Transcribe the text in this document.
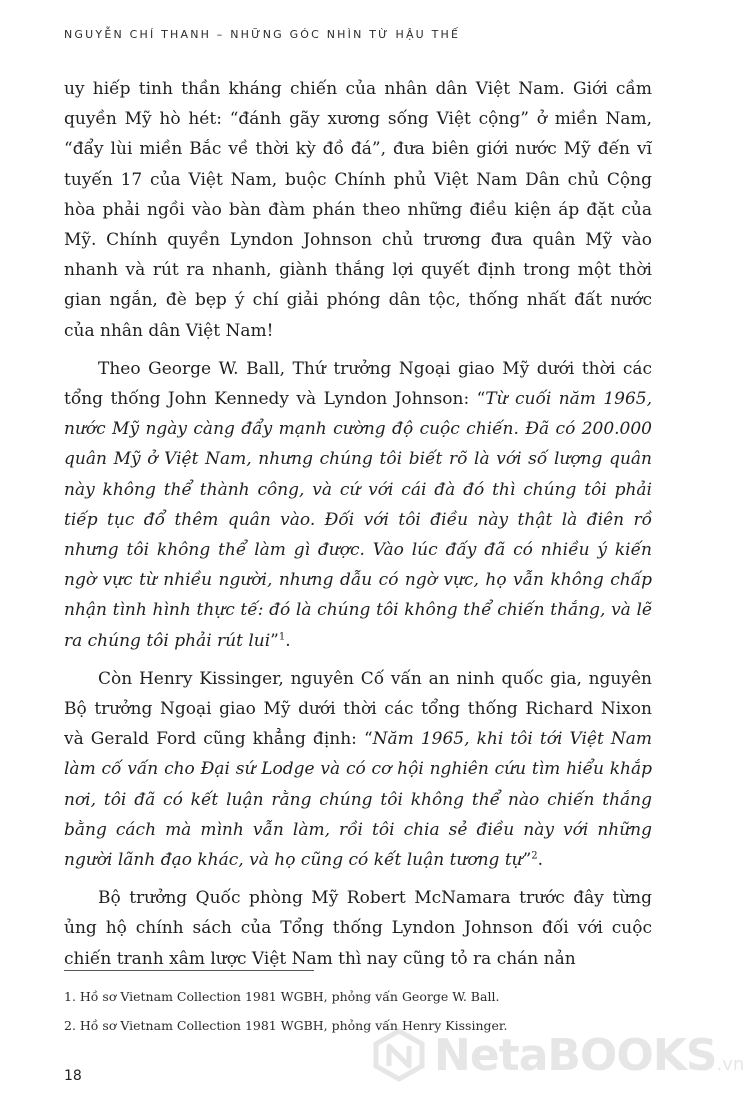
NGUYỄN CHÍ THANH – NHỮNG GÓC NHÌN TỪ HẬU THẾ

uy hiếp tinh thần kháng chiến của nhân dân Việt Nam. Giới cầm quyền Mỹ hò hét: “đánh gãy xương sống Việt cộng” ở miền Nam, “đẩy lùi miền Bắc về thời kỳ đồ đá”, đưa biên giới nước Mỹ đến vĩ tuyến 17 của Việt Nam, buộc Chính phủ Việt Nam Dân chủ Cộng hòa phải ngồi vào bàn đàm phán theo những điều kiện áp đặt của Mỹ. Chính quyền Lyndon Johnson chủ trương đưa quân Mỹ vào nhanh và rút ra nhanh, giành thắng lợi quyết định trong một thời gian ngắn, đè bẹp ý chí giải phóng dân tộc, thống nhất đất nước của nhân dân Việt Nam!

Theo George W. Ball, Thứ trưởng Ngoại giao Mỹ dưới thời các tổng thống John Kennedy và Lyndon Johnson: “Từ cuối năm 1965, nước Mỹ ngày càng đẩy mạnh cường độ cuộc chiến. Đã có 200.000 quân Mỹ ở Việt Nam, nhưng chúng tôi biết rõ là với số lượng quân này không thể thành công, và cứ với cái đà đó thì chúng tôi phải tiếp tục đổ thêm quân vào. Đối với tôi điều này thật là điên rồ nhưng tôi không thể làm gì được. Vào lúc đấy đã có nhiều ý kiến ngờ vực từ nhiều người, nhưng dẫu có ngờ vực, họ vẫn không chấp nhận tình hình thực tế: đó là chúng tôi không thể chiến thắng, và lẽ ra chúng tôi phải rút lui”$^1$.

Còn Henry Kissinger, nguyên Cố vấn an ninh quốc gia, nguyên Bộ trưởng Ngoại giao Mỹ dưới thời các tổng thống Richard Nixon và Gerald Ford cũng khẳng định: “Năm 1965, khi tôi tới Việt Nam làm cố vấn cho Đại sứ Lodge và có cơ hội nghiên cứu tìm hiểu khắp nơi, tôi đã có kết luận rằng chúng tôi không thể nào chiến thắng bằng cách mà mình vẫn làm, rồi tôi chia sẻ điều này với những người lãnh đạo khác, và họ cũng có kết luận tương tự”$^2$.

Bộ trưởng Quốc phòng Mỹ Robert McNamara trước đây từng ủng hộ chính sách của Tổng thống Lyndon Johnson đối với cuộc chiến tranh xâm lược Việt Nam thì nay cũng tỏ ra chán nản

1. Hồ sơ Vietnam Collection 1981 WGBH, phỏng vấn George W. Ball.
2. Hồ sơ Vietnam Collection 1981 WGBH, phỏng vấn Henry Kissinger.
18	NetaBOOKS.vn
